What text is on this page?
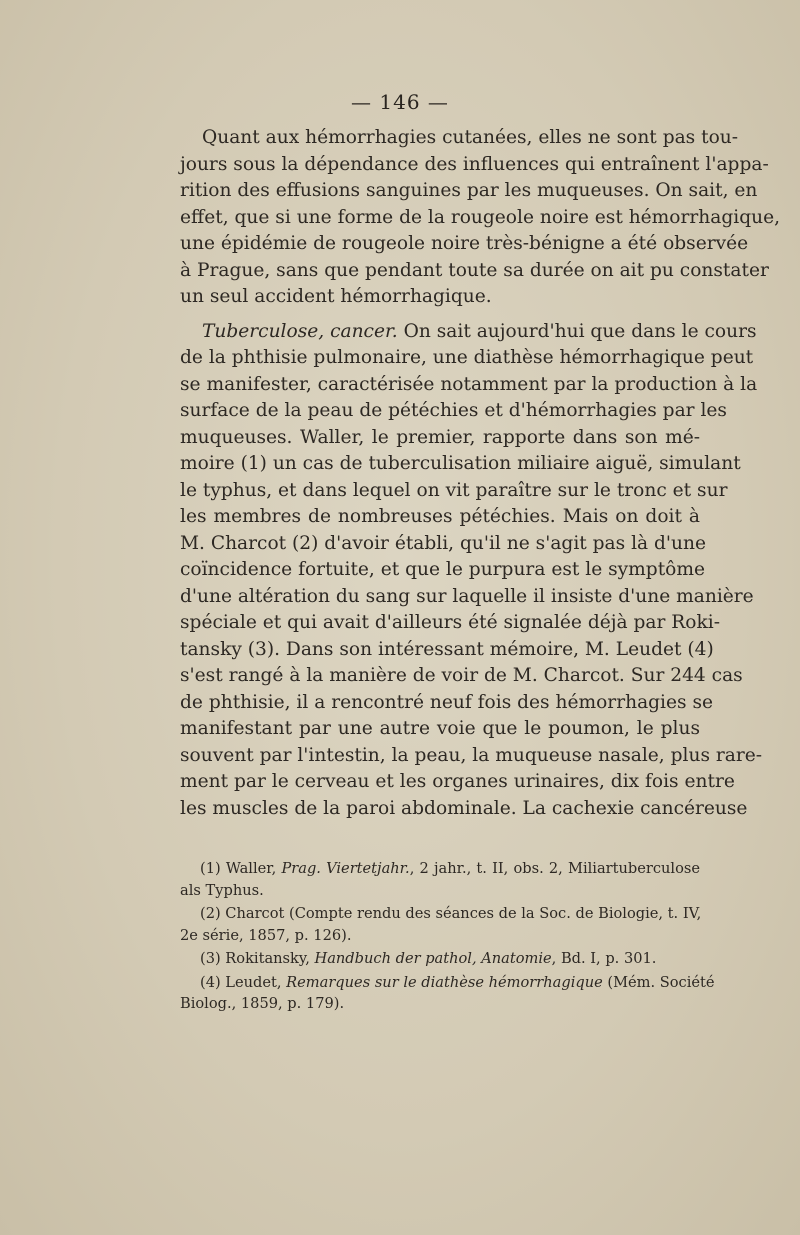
— 146 —
Quant aux hémorrhagies cutanées, elles ne sont pas tou-
jours sous la dépendance des influences qui entraînent l'appa-
rition des effusions sanguines par les muqueuses. On sait, en
effet, que si une forme de la rougeole noire est hémorrhagique,
une épidémie de rougeole noire très-bénigne a été observée
à Prague, sans que pendant toute sa durée on ait pu constater
un seul accident hémorrhagique.
Tuberculose, cancer. On sait aujourd'hui que dans le cours
de la phthisie pulmonaire, une diathèse hémorrhagique peut
se manifester, caractérisée notamment par la production à la
surface de la peau de pétéchies et d'hémorrhagies par les
muqueuses. Waller, le premier, rapporte dans son mé-
moire (1) un cas de tuberculisation miliaire aiguë, simulant
le typhus, et dans lequel on vit paraître sur le tronc et sur
les membres de nombreuses pétéchies. Mais on doit à
M. Charcot (2) d'avoir établi, qu'il ne s'agit pas là d'une
coïncidence fortuite, et que le purpura est le symptôme
d'une altération du sang sur laquelle il insiste d'une manière
spéciale et qui avait d'ailleurs été signalée déjà par Roki-
tansky (3). Dans son intéressant mémoire, M. Leudet (4)
s'est rangé à la manière de voir de M. Charcot. Sur 244 cas
de phthisie, il a rencontré neuf fois des hémorrhagies se
manifestant par une autre voie que le poumon, le plus
souvent par l'intestin, la peau, la muqueuse nasale, plus rare-
ment par le cerveau et les organes urinaires, dix fois entre
les muscles de la paroi abdominale. La cachexie cancéreuse
(1) Waller, Prag. Viertetjahr., 2 jahr., t. II, obs. 2, Miliartuberculose
als Typhus.
(2) Charcot (Compte rendu des séances de la Soc. de Biologie, t. IV,
2e série, 1857, p. 126).
(3) Rokitansky, Handbuch der pathol, Anatomie, Bd. I, p. 301.
(4) Leudet, Remarques sur le diathèse hémorrhagique (Mém. Société
Biolog., 1859, p. 179).
